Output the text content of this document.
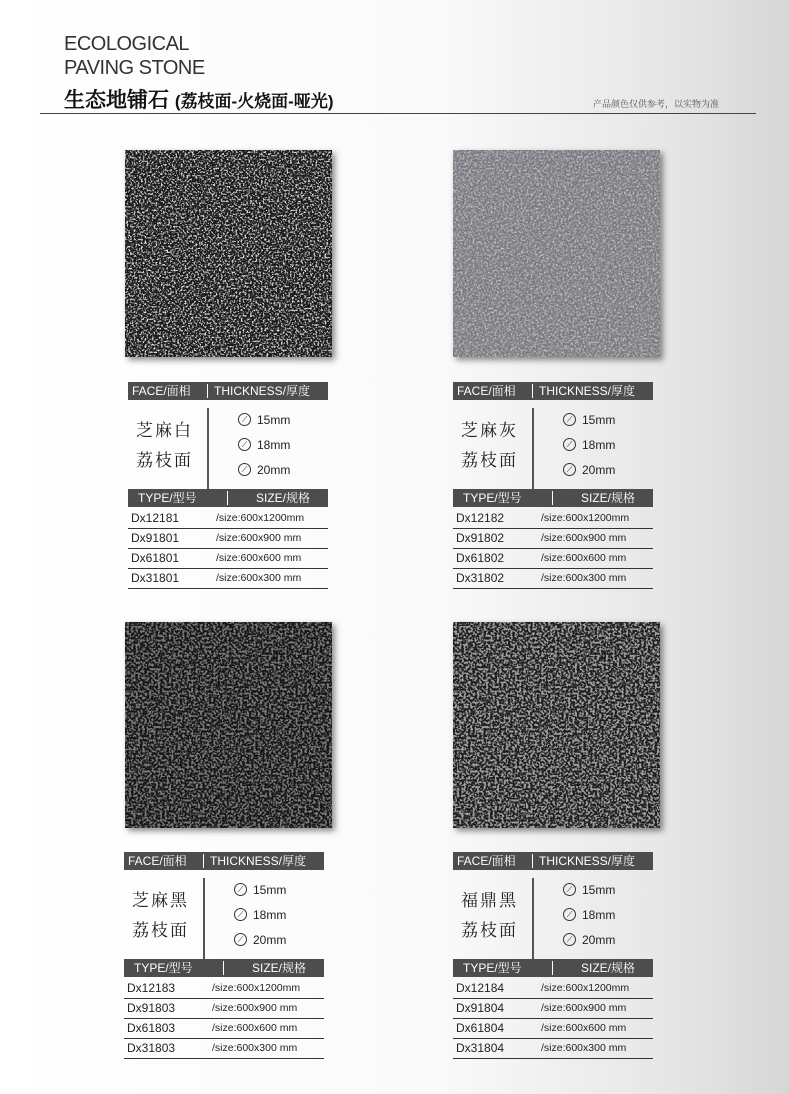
ECOLOGICAL
PAVING STONE
生态地铺石 (荔枝面-火烧面-哑光)	产品颜色仅供参考，以实物为准
FACE/面相 THICKNESS/厚度
芝麻白
荔枝面
⟋ 15mm
⟋ 18mm
⟋ 20mm
TYPE/型号	SIZE/规格
Dx12181	/size:600x1200mm
Dx91801	/size:600x900 mm
Dx61801	/size:600x600 mm
Dx31801	/size:600x300 mm
FACE/面相 THICKNESS/厚度
芝麻灰
荔枝面
⟋ 15mm
⟋ 18mm
⟋ 20mm
TYPE/型号	SIZE/规格
Dx12182	/size:600x1200mm
Dx91802	/size:600x900 mm
Dx61802	/size:600x600 mm
Dx31802	/size:600x300 mm
FACE/面相 THICKNESS/厚度
芝麻黑
荔枝面
⟋ 15mm
⟋ 18mm
⟋ 20mm
TYPE/型号	SIZE/规格
Dx12183	/size:600x1200mm
Dx91803	/size:600x900 mm
Dx61803	/size:600x600 mm
Dx31803	/size:600x300 mm
FACE/面相 THICKNESS/厚度
福鼎黑
荔枝面
⟋ 15mm
⟋ 18mm
⟋ 20mm
TYPE/型号	SIZE/规格
Dx12184	/size:600x1200mm
Dx91804	/size:600x900 mm
Dx61804	/size:600x600 mm
Dx31804	/size:600x300 mm
